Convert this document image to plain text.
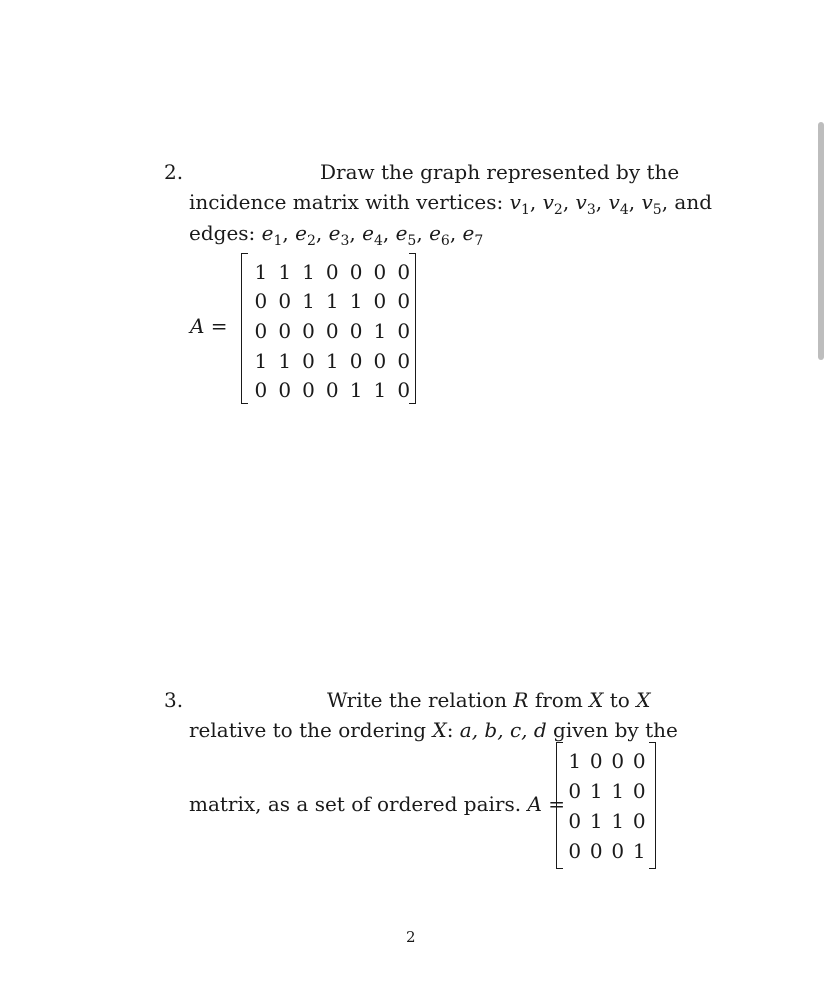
2.	Draw the graph represented by the
incidence matrix with vertices: $v_1$, $v_2$, $v_3$, $v_4$, $v_5$, and
edges: $e_1$, $e_2$, $e_3$, $e_4$, $e_5$, $e_6$, $e_7$
A =
1	1	1	0	0	0	0
0	0	1	1	1	0	0
0	0	0	0	0	1	0
1	1	0	1	0	0	0
0	0	0	0	1	1	0
3.	Write the relation R from X to X
relative to the ordering X: a, b, c, d given by the
matrix, as a set of ordered pairs. A =
1	0	0	0
0	1	1	0
0	1	1	0
0	0	0	1
2
